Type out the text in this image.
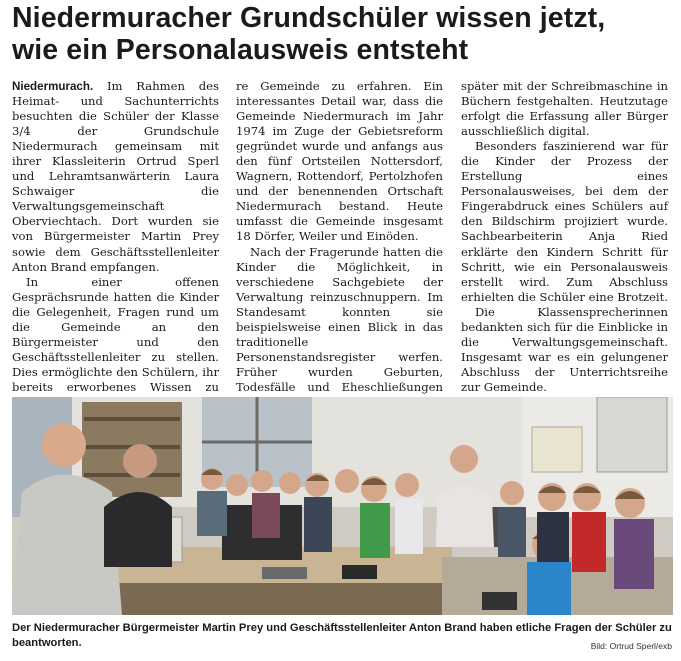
Niedermuracher Grundschüler wissen jetzt,
wie ein Personalausweis entsteht

Niedermurach. Im Rahmen des Heimat- und Sachunterrichts besuchten die Schüler der Klasse 3/4 der Grundschule Niedermurach gemeinsam mit ihrer Klassleiterin Ortrud Sperl und Lehramtsanwärterin Laura Schwaiger die Verwaltungsgemeinschaft Oberviechtach. Dort wurden sie von Bürgermeister Martin Prey sowie dem Geschäftsstellenleiter Anton Brand empfangen.

In einer offenen Gesprächsrunde hatten die Kinder die Gelegenheit, Fragen rund um die Gemeinde an den Bürgermeister und den Geschäftsstellenleiter zu stellen. Dies ermöglichte den Schülern, ihr bereits erworbenes Wissen zu

re Gemeinde zu erfahren. Ein interessantes Detail war, dass die Gemeinde Niedermurach im Jahr 1974 im Zuge der Gebietsreform gegründet wurde und anfangs aus den fünf Ortsteilen Nottersdorf, Wagnern, Rottendorf, Pertolzhofen und der benennenden Ortschaft Niedermurach bestand. Heute umfasst die Gemeinde insgesamt 18 Dörfer, Weiler und Einöden.

Nach der Fragerunde hatten die Kinder die Möglichkeit, in verschiedene Sachgebiete der Verwaltung reinzuschnuppern. Im Standesamt konnten sie beispielsweise einen Blick in das traditionelle Personenstandsregister werfen. Früher wurden Geburten, Todesfälle und Eheschließungen

später mit der Schreibmaschine in Büchern festgehalten. Heutzutage erfolgt die Erfassung aller Bürger ausschließlich digital.

Besonders faszinierend war für die Kinder der Prozess der Erstellung eines Personalausweises, bei dem der Fingerabdruck eines Schülers auf den Bildschirm projiziert wurde. Sachbearbeiterin Anja Ried erklärte den Kindern Schritt für Schritt, wie ein Personalausweis erstellt wird. Zum Abschluss erhielten die Schüler eine Brotzeit.

Die Klassensprecherinnen bedankten sich für die Einblicke in die Verwaltungsgemeinschaft. Insgesamt war es ein gelungener Abschluss der Unterrichtsreihe zur Gemeinde.

Der Niedermuracher Bürgermeister Martin Prey und Geschäftsstellenleiter Anton Brand haben etliche Fragen der Schüler zu beantworten.	Bild: Ortrud Sperl/exb
